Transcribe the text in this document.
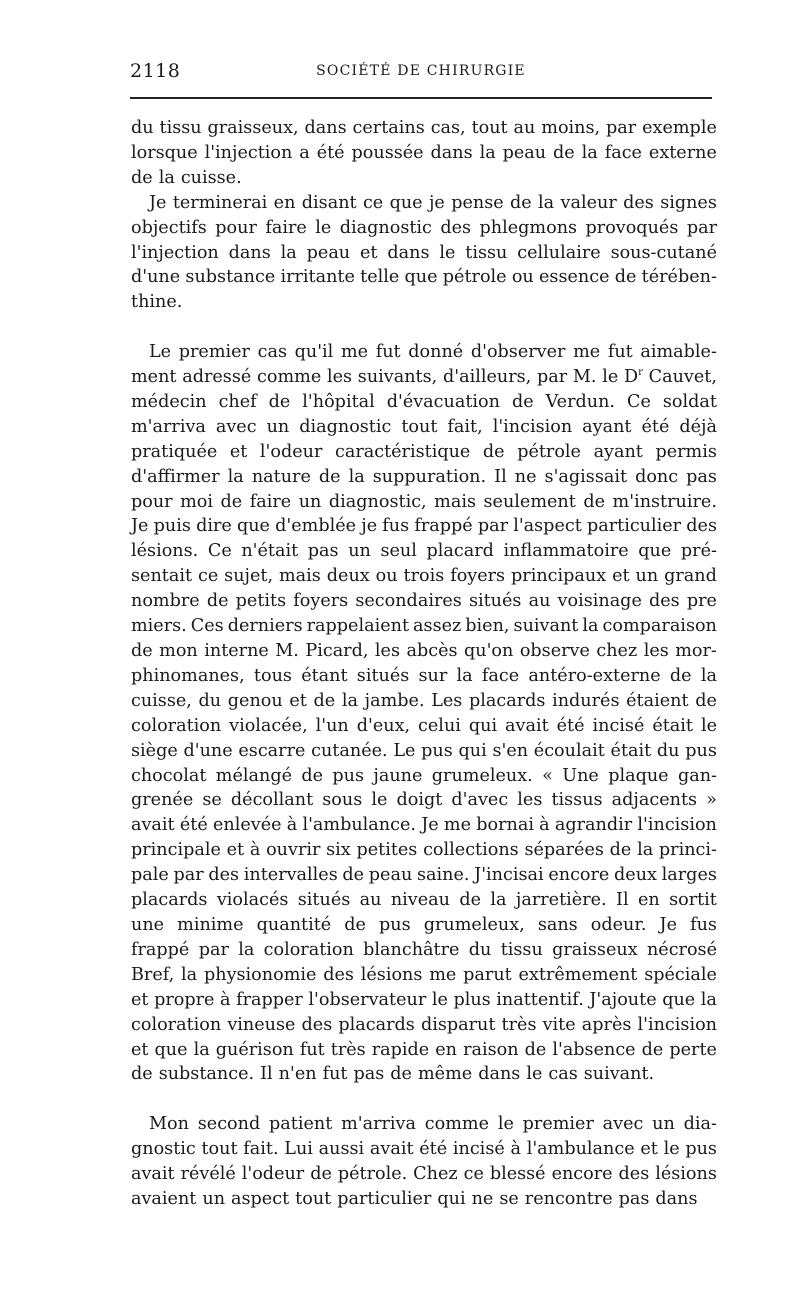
2118	SOCIÉTÉ DE CHIRURGIE
du tissu graisseux, dans certains cas, tout au moins, par exemple
lorsque l'injection a été poussée dans la peau de la face externe
de la cuisse.
Je terminerai en disant ce que je pense de la valeur des signes
objectifs pour faire le diagnostic des phlegmons provoqués par
l'injection dans la peau et dans le tissu cellulaire sous-cutané
d'une substance irritante telle que pétrole ou essence de térében-
thine.
Le premier cas qu'il me fut donné d'observer me fut aimable-
ment adressé comme les suivants, d'ailleurs, par M. le $D^r$ Cauvet,
médecin chef de l'hôpital d'évacuation de Verdun. Ce soldat
m'arriva avec un diagnostic tout fait, l'incision ayant été déjà
pratiquée et l'odeur caractéristique de pétrole ayant permis
d'affirmer la nature de la suppuration. Il ne s'agissait donc pas
pour moi de faire un diagnostic, mais seulement de m'instruire.
Je puis dire que d'emblée je fus frappé par l'aspect particulier des
lésions. Ce n'était pas un seul placard inflammatoire que pré-
sentait ce sujet, mais deux ou trois foyers principaux et un grand
nombre de petits foyers secondaires situés au voisinage des pre
miers. Ces derniers rappelaient assez bien, suivant la comparaison
de mon interne M. Picard, les abcès qu'on observe chez les mor-
phinomanes, tous étant situés sur la face antéro-externe de la
cuisse, du genou et de la jambe. Les placards indurés étaient de
coloration violacée, l'un d'eux, celui qui avait été incisé était le
siège d'une escarre cutanée. Le pus qui s'en écoulait était du pus
chocolat mélangé de pus jaune grumeleux. « Une plaque gan-
grenée se décollant sous le doigt d'avec les tissus adjacents »
avait été enlevée à l'ambulance. Je me bornai à agrandir l'incision
principale et à ouvrir six petites collections séparées de la princi-
pale par des intervalles de peau saine. J'incisai encore deux larges
placards violacés situés au niveau de la jarretière. Il en sortit
une minime quantité de pus grumeleux, sans odeur. Je fus
frappé par la coloration blanchâtre du tissu graisseux nécrosé
Bref, la physionomie des lésions me parut extrêmement spéciale
et propre à frapper l'observateur le plus inattentif. J'ajoute que la
coloration vineuse des placards disparut très vite après l'incision
et que la guérison fut très rapide en raison de l'absence de perte
de substance. Il n'en fut pas de même dans le cas suivant.
Mon second patient m'arriva comme le premier avec un dia-
gnostic tout fait. Lui aussi avait été incisé à l'ambulance et le pus
avait révélé l'odeur de pétrole. Chez ce blessé encore des lésions
avaient un aspect tout particulier qui ne se rencontre pas dans
